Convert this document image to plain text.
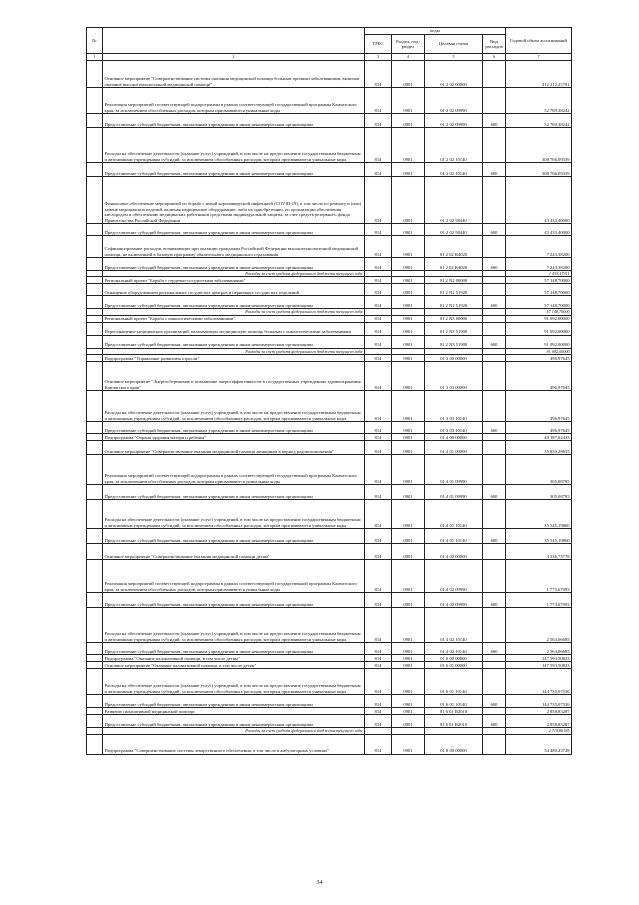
№		коды				Годовой объем ассигнований
		ГРБС	Раздел, под-раздел	Целевая статья	Вид расходов	
1	2	3	4	5	6	7
	Основное мероприятие "Совершенствование системы оказания медицинской помощи больным прочими заболеваниями, включая оказание высокотехнологичной медицинской помощи"	814	0901	01 2 02 00000		412 212,25781
	Реализация мероприятий соответствующей подпрограммы в рамках соответствующей государственной программы Камчатского края, за исключением обособленных расходов, которым присваиваются уникальные коды	814	0901	01 2 02 09990		52 769,38242
	Предоставление субсидий бюджетным, автономным учреждениям и иным некоммерческим организациям	814	0901	01 2 02 09990	600	52 769,38242
	Расходы на обеспечение деятельности (оказание услуг) учреждений, в том числе на предоставление государственным бюджетным и автономным учреждениям субсидий, за исключением обособленных расходов, которым присваиваются уникальные коды	814	0901	01 2 02 10140		308 766,09339
	Предоставление субсидий бюджетным, автономным учреждениям и иным некоммерческим организациям	814	0901	01 2 02 10140	600	308 766,09339
	Финансовое обеспечение мероприятий по борьбе с новой коронавирусной инфекцией (COVID-19), в том числе по ремонту и (или) замене медицинских изделий, включая медицинское оборудование, либо их приобретению, по организации обеспечения кислородом и обеспечению медицинских работников средствами индивидуальной защиты, за счет средств резервного фонда Правительства Российской Федерации	814	0901	01 2 02 58440		43 433,40000
	Предоставление субсидий бюджетным, автономным учреждениям и иным некоммерческим организациям	814	0901	01 2 02 58440	600	43 433,40000
	Софинансирование расходов, возникающих при оказании гражданам Российской Федерации высокотехнологичной медицинской помощи, не включенной в базовую программу обязательного медицинского страхования	814	0901	01 2 02 R4020		7 243,38200
	Предоставление субсидий бюджетным, автономным учреждениям и иным некоммерческим организациям	814	0901	01 2 02 R4020	600	7 243,38200
	Расходы за счет средств федерального бюджета текущего года					1 433,17311
	Региональный проект "Борьба с сердечно-сосудистыми заболеваниями"	814	0901	01 2 N2 00000		57 148,70000
	Оснащение оборудованием региональных сосудистых центров и первичных сосудистых отделений	814	0901	01 2 N2 51920		57 148,70000
	Предоставление субсидий бюджетным, автономным учреждениям и иным некоммерческим организациям	814	0901	01 2 N2 51920	600	57 148,70000
	Расходы за счет средств федерального бюджета текущего года					57 148,70000
	Региональный проект "Борьба с онкологическими заболеваниями"	814	0901	01 2 N3 00000		91 092,00000
	Переоснащение медицинских организаций, оказывающих медицинскую помощь больным с онкологическими заболеваниями	814	0901	01 2 N3 51900		91 092,00000
	Предоставление субсидий бюджетным, автономным учреждениям и иным некоммерческим организациям	814	0901	01 2 N3 51900	600	91 092,00000
	Расходы за счет средств федерального бюджета текущего года					91 092,00000
	Подпрограмма "Управление развитием отрасли"	814	0901	01 3 00 00000		496,97645
	Основное мероприятие "Энергосбережение и повышение энергоэффективности в государственных учреждениях здравоохранения Камчатского края"	814	0901	01 3 03 00000		496,97645
	Расходы на обеспечение деятельности (оказание услуг) учреждений, в том числе на предоставление государственным бюджетным и автономным учреждениям субсидий, за исключением обособленных расходов, которым присваиваются уникальные коды	814	0901	01 3 03 10140		496,97645
	Предоставление субсидий бюджетным, автономным учреждениям и иным некоммерческим организациям	814	0901	01 3 03 10140	600	496,97645
	Подпрограмма "Охрана здоровья матери и ребенка"	814	0901	01 4 00 00000		40 187,02433
	Основное мероприятие "Совершенствование оказания медицинской помощи женщинам в период родовспоможения"	814	0901	01 4 01 00000		35 850,28655
	Реализация мероприятий соответствующей подпрограммы в рамках соответствующей государственной программы Камчатского края, за исключением обособленных расходов, которым присваиваются уникальные коды	814	0901	01 4 01 09990		305,08795
	Предоставление субсидий бюджетным, автономным учреждениям и иным некоммерческим организациям	814	0901	01 4 01 09990	600	305,08795
	Расходы на обеспечение деятельности (оказание услуг) учреждений, в том числе на предоставление государственным бюджетным и автономным учреждениям субсидий, за исключением обособленных расходов, которым присваиваются уникальные коды	814	0901	01 4 01 10140		35 545,19860
	Предоставление субсидий бюджетным, автономным учреждениям и иным некоммерческим организациям	814	0901	01 4 01 10140	600	35 545,19860
	Основное мероприятие "Совершенствование оказания медицинской помощи детям"	814	0901	01 4 02 00000		4 336,73778
	Реализация мероприятий соответствующей подпрограммы в рамках соответствующей государственной программы Камчатского края, за исключением обособленных расходов, которым присваиваются уникальные коды	814	0901	01 4 02 09990		1 773,67093
	Предоставление субсидий бюджетным, автономным учреждениям и иным некоммерческим организациям	814	0901	01 4 02 09990	600	1 773,67093
	Расходы на обеспечение деятельности (оказание услуг) учреждений, в том числе на предоставление государственным бюджетным и автономным учреждениям субсидий, за исключением обособленных расходов, которым присваиваются уникальные коды	814	0901	01 4 02 10140		2 563,06685
	Предоставление субсидий бюджетным, автономным учреждениям и иным некоммерческим организациям	814	0901	01 4 02 10140	600	2 563,06685
	Подпрограмма "Оказание паллиативной помощи, в том числе детям"	814	0901	01 6 00 00000		147 593,50823
	Основное мероприятие "Оказание паллиативной помощи, в том числе детям"	814	0901	01 6 01 00000		147 593,50823
	Расходы на обеспечение деятельности (оказание услуг) учреждений, в том числе на предоставление государственным бюджетным и автономным учреждениям субсидий, за исключением обособленных расходов, которым присваиваются уникальные коды	814	0901	01 6 01 10140		144 735,07536
	Предоставление субсидий бюджетным, автономным учреждениям и иным некоммерческим организациям	814	0901	01 6 01 10140	600	144 735,07536
	Развитие паллиативной медицинской помощи	814	0901	01 6 01 R2010		2 858,83287
	Предоставление субсидий бюджетным, автономным учреждениям и иным некоммерческим организациям	814	0901	01 6 01 R2010	600	2 858,83287
	Расходы за счет средств федерального бюджета текущего года					2 715,86185
	Подпрограмма "Совершенствование системы лекарственного обеспечения, в том числе в амбулаторных условиях"	814	0901	01 8 00 00000		54 480,23728
34
